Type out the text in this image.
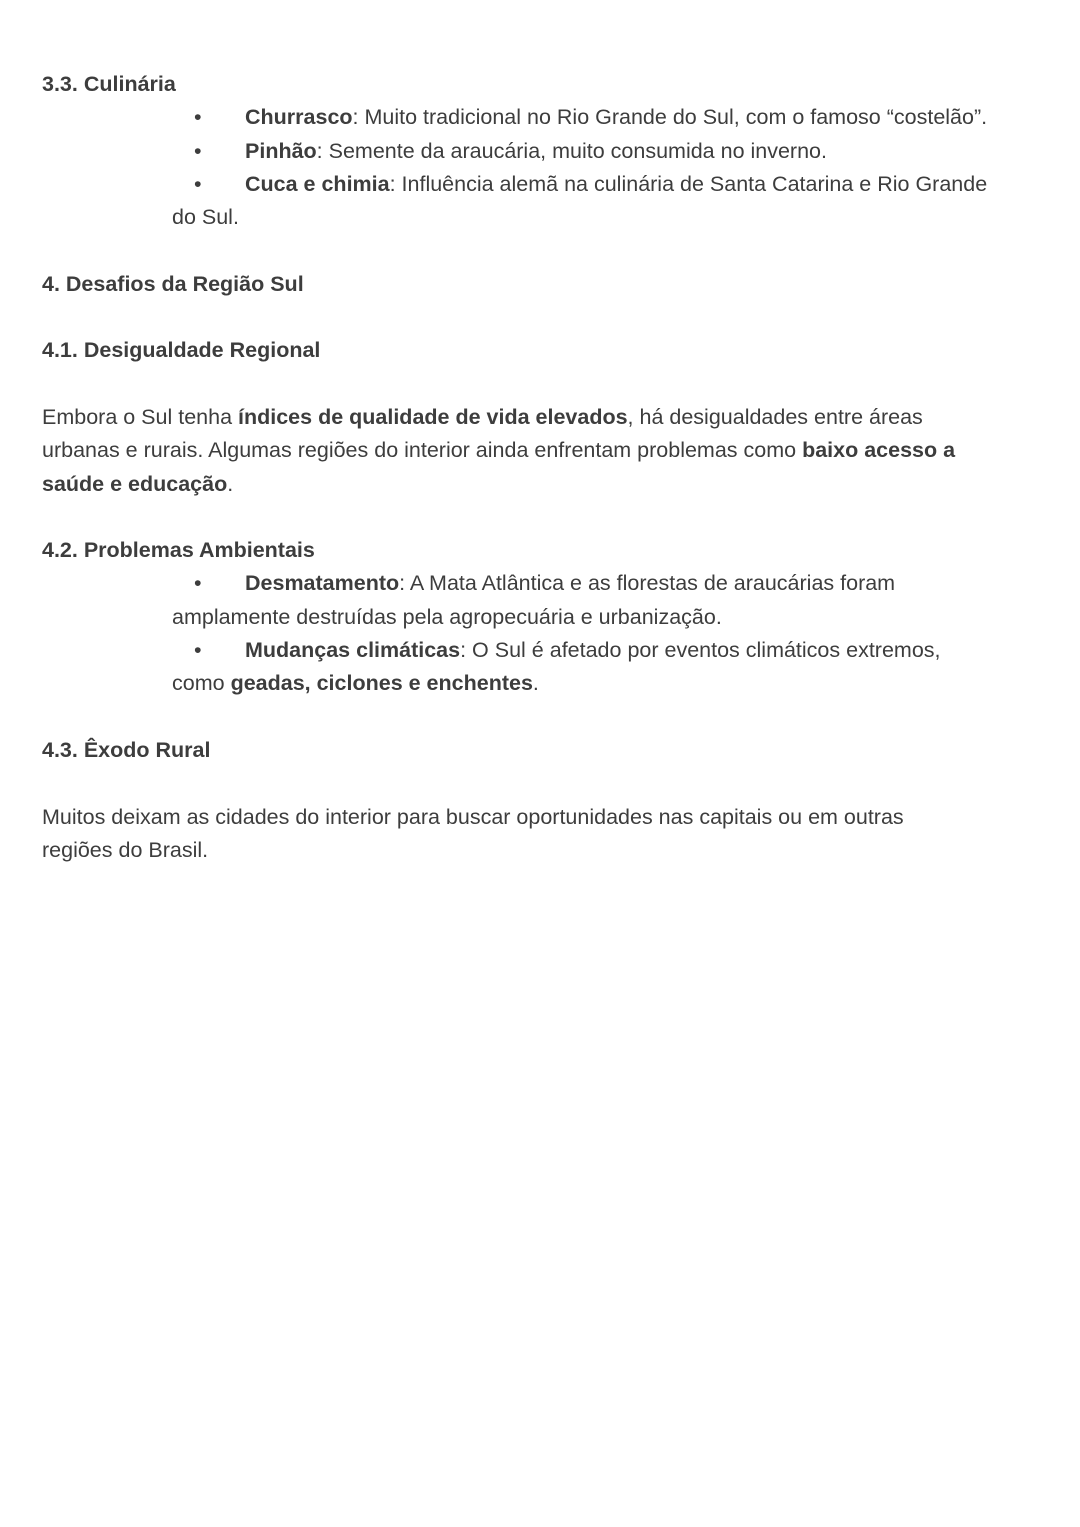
3.3. Culinária
• Churrasco: Muito tradicional no Rio Grande do Sul, com o famoso “costelão”.
• Pinhão: Semente da araucária, muito consumida no inverno.
• Cuca e chimia: Influência alemã na culinária de Santa Catarina e Rio Grande
do Sul.
4. Desafios da Região Sul
4.1. Desigualdade Regional
Embora o Sul tenha índices de qualidade de vida elevados, há desigualdades entre áreas
urbanas e rurais. Algumas regiões do interior ainda enfrentam problemas como baixo acesso a
saúde e educação.
4.2. Problemas Ambientais
• Desmatamento: A Mata Atlântica e as florestas de araucárias foram
amplamente destruídas pela agropecuária e urbanização.
• Mudanças climáticas: O Sul é afetado por eventos climáticos extremos,
como geadas, ciclones e enchentes.
4.3. Êxodo Rural
Muitos deixam as cidades do interior para buscar oportunidades nas capitais ou em outras
regiões do Brasil.
